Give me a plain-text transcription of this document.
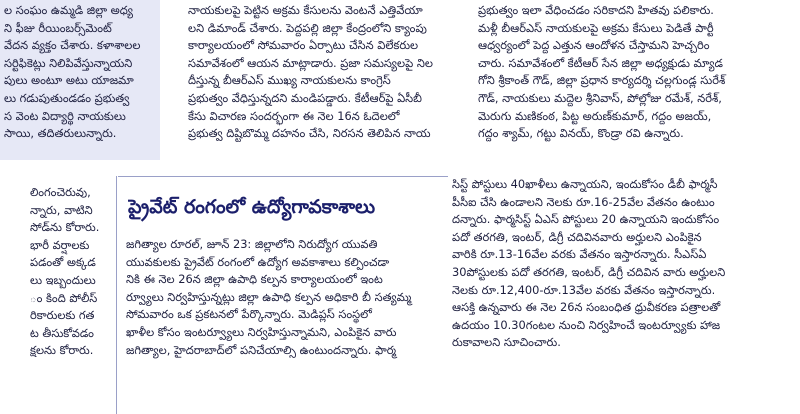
ల సంఘం ఉమ్మడి జిల్లా అధ్య
ని ఫీజు రీయింబర్స్‌మెంట్
వేదన వ్యక్తం చేశారు. కళాశాలల
సర్టిఫికెట్లు నిలిపివేస్తున్నాయని
పులు అంటూ అటు యాజమా
లు గడుపుతుండడం ప్రభుత్వ
స వెంట విద్యార్థి నాయకులు
సాయి, తదితరులున్నారు.
నాయకులపై పెట్టిన అక్రమ కేసులను వెంటనే ఎత్తివేయా
లని డిమాండ్ చేశారు. పెద్దపల్లి జిల్లా కేంద్రంలోని క్యాంపు
కార్యాలయంలో సోమవారం ఏర్పాటు చేసిన విలేకరుల
సమావేశంలో ఆయన మాట్లాడారు. ప్రజా సమస్యలపై నిల
దీస్తున్న బీఆర్ఎస్ ముఖ్య నాయకులను కాంగ్రెస్
ప్రభుత్వం వేధిస్తున్నదని మండిపడ్డారు. కేటీఆర్‌పై ఏసీబీ
కేసు విచారణ సందర్భంగా ఈ నెల 16న ఓదెలలో
ప్రభుత్వ దిష్టిబొమ్మ దహనం చేసి, నిరసన తెలిపిన నాయ
ప్రభుత్వం ఇలా వేధించడం సరికాదని హితవు పలికారు.
మళ్లీ బీఆర్ఎస్ నాయకులపై అక్రమ కేసులు పెడితే పార్టీ
ఆధ్వర్యంలో పెద్ద ఎత్తున ఆందోళన చేస్తామని హెచ్చరిం
చారు. సమావేశంలో కేటీఆర్ సేన జిల్లా అధ్యక్షుడు మ్యాడ
గోని శ్రీకాంత్ గౌడ్, జిల్లా ప్రధాన కార్యదర్శి చల్లగుండ్ల సురేశ్
గౌడ్, నాయకులు మద్దెల శ్రీనివాస్, పోల్లోజు రమేశ్, నరేశ్,
మెరుగు మణికంఠ, పిట్ట అరుణ్‌కుమార్, గద్దం అజయ్,
గద్దం శ్యామ్, గట్టు వినయ్, కొండ్రా రవి ఉన్నారు.
లింగంచెరువు,
న్నారు, వాటిని
సోడ్‌ను కోరారు.
భారీ వర్షాలకు
పడంతో అక్కడ
లు ఇబ్బందులు
ం కింది పోలీస్
రికారులకు గత
ట తీసుకోవడం
క్షలను కోరారు.
ప్రైవేట్ రంగంలో ఉద్యోగావకాశాలు
జగిత్యాల రూరల్‌, జూన్ 23: జిల్లాలోని నిరుద్యోగ యువతి
యువకులకు ప్రైవేట్ రంగంలో ఉద్యోగ అవకాశాలు కల్పించడా
నికి ఈ నెల 26న జిల్లా ఉపాధి కల్పన కార్యాలయంలో ఇంట
ర్వ్యూలు నిర్వహిస్తున్నట్లు జిల్లా ఉపాధి కల్పన అధికారి బీ సత్యమ్మ
సోమవారం ఒక ప్రకటనలో పేర్కొన్నారు. మెడిప్లస్ సంస్థలో
ఖాళీల కోసం ఇంటర్వ్యూలు నిర్వహిస్తున్నామని, ఎంపికైన వారు
జగిత్యాల, హైదరాబాద్‌లో పనిచేయాల్సి ఉంటుందన్నారు. ఫార్మ
సిస్ట్ పోస్టులు 40ఖాళీలు ఉన్నాయని, ఇందుకోసం డీబీ ఫార్మసీ
పీసీఐ చేసి ఉండాలని నెలకు రూ.16-25వేల వేతనం ఉంటుం
దన్నారు. ఫార్మసిస్ట్ ఏఎస్ పోస్టులు 20 ఉన్నాయని ఇందుకోసం
పదో తరగతి, ఇంటర్, డిగ్రీ చదివినవారు అర్హులని ఎంపికైన
వారికి రూ.13-16వేల వరకు వేతనం ఇస్తారన్నారు. సీఎస్ఏ
30పోస్టులకు పదో తరగతి, ఇంటర్, డిగ్రీ చదివిన వారు అర్హులని
నెలకు రూ.12,400-రూ.13వేల వరకు వేతనం ఇస్తారన్నారు.
ఆసక్తి ఉన్నవారు ఈ నెల 26న సంబంధిత ధ్రువీకరణ పత్రాలతో
ఉదయం 10.30గంటల నుంచి నిర్వహించే ఇంటర్వ్యూకు హాజ
రుకావాలని సూచించారు.
